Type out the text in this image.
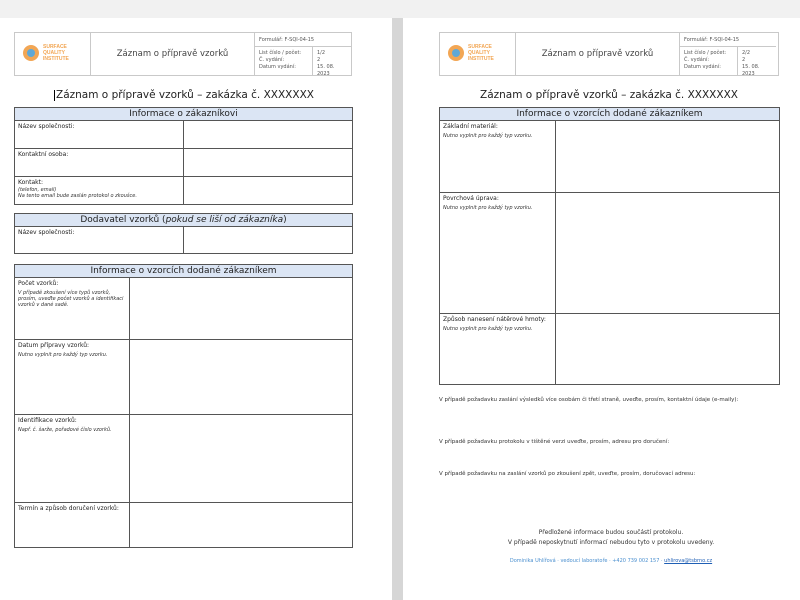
SURFACE
QUALITY
INSTITUTE	Záznam o přípravě vzorků
Formulář: F-SQI-04-15
List číslo / počet:
Č. vydání:
Datum vydání:
1/2
2
15. 08. 2023
Záznam o přípravě vzorků – zakázka č. XXXXXXX
Informace o zákazníkovi
Název společnosti:
Kontaktní osoba:
Kontakt:
(telefon, email)
Na tento email bude zaslán protokol o zkoušce.
Dodavatel vzorků (pokud se liší od zákazníka)
Název společnosti:
Informace o vzorcích dodané zákazníkem
Počet vzorků:
V případě zkoušení více typů vzorků, prosím, uveďte počet vzorků a identifikaci vzorků v dané sadě.
Datum přípravy vzorků:
Nutno vyplnit pro každý typ vzorku.
Identifikace vzorků:
Např. č. šarže, pořadové číslo vzorků.
Termín a způsob doručení vzorků:
SURFACE
QUALITY
INSTITUTE	Záznam o přípravě vzorků
Formulář: F-SQI-04-15
List číslo / počet:
Č. vydání:
Datum vydání:
2/2
2
15. 08. 2023
Záznam o přípravě vzorků – zakázka č. XXXXXXX
Informace o vzorcích dodané zákazníkem
Základní materiál:
Nutno vyplnit pro každý typ vzorku.
Povrchová úprava:
Nutno vyplnit pro každý typ vzorku.
Způsob nanesení nátěrové hmoty:
Nutno vyplnit pro každý typ vzorku.
V případě požadavku zaslání výsledků více osobám či třetí straně, uveďte, prosím, kontaktní údaje (e-maily):
V případě požadavku protokolu v tištěné verzi uveďte, prosím, adresu pro doručení:
V případě požadavku na zaslání vzorků po zkoušení zpět, uveďte, prosím, doručovací adresu:
Předložené informace budou součástí protokolu.
V případě neposkytnutí informací nebudou tyto v protokolu uvedeny.
Dominika Uhlířová · vedoucí laboratoře · +420 739 002 157 · uhlirova@tsbrno.cz
